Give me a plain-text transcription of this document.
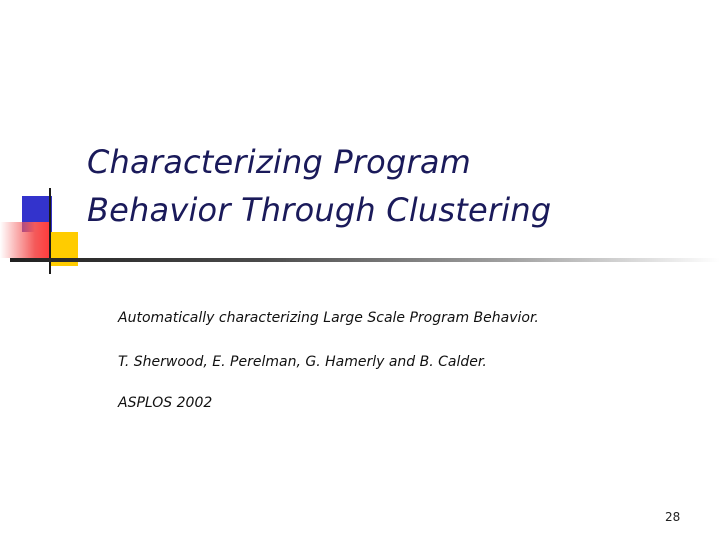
Characterizing Program
Behavior Through Clustering

Automatically characterizing Large Scale Program Behavior.

T. Sherwood, E. Perelman, G. Hamerly and B. Calder.

ASPLOS 2002

28
